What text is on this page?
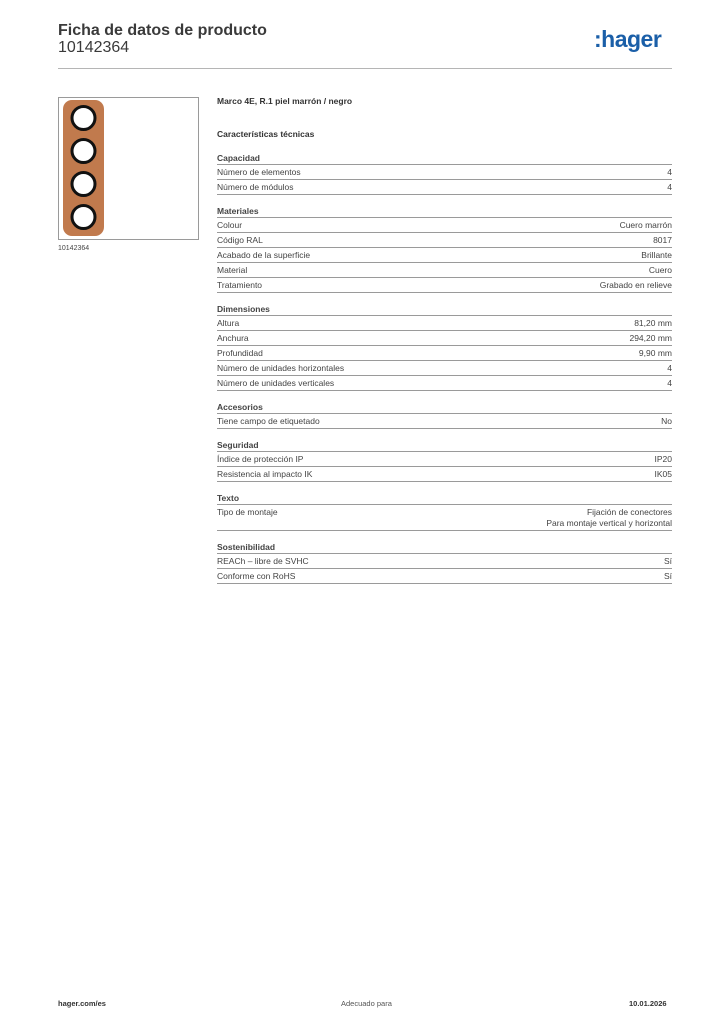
Ficha de datos de producto
10142364	:hager
10142364
Marco 4E, R.1 piel marrón / negro
Características técnicas
Capacidad
Número de elementos	4
Número de módulos	4
Materiales
Colour	Cuero marrón
Código RAL	8017
Acabado de la superficie	Brillante
Material	Cuero
Tratamiento	Grabado en relieve
Dimensiones
Altura	81,20 mm
Anchura	294,20 mm
Profundidad	9,90 mm
Número de unidades horizontales	4
Número de unidades verticales	4
Accesorios
Tiene campo de etiquetado	No
Seguridad
Índice de protección IP	IP20
Resistencia al impacto IK	IK05
Texto
Tipo de montaje	Fijación de conectores
Para montaje vertical y horizontal
Sostenibilidad
REACh – libre de SVHC	Sí
Conforme con RoHS	Sí
hager.com/es	Adecuado para	10.01.2026
